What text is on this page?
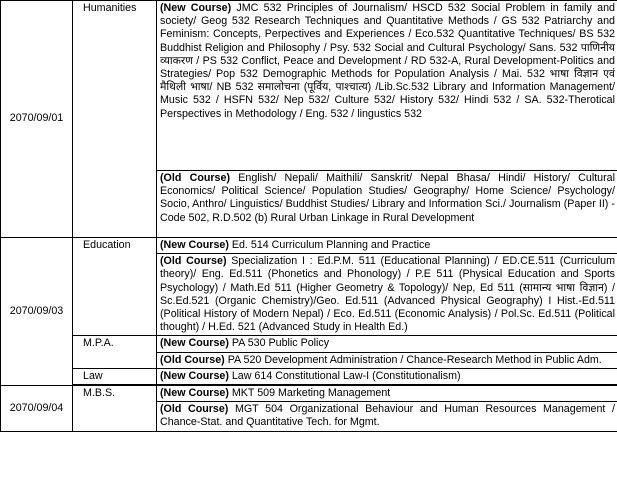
2070/09/01	Humanities	(New Course) JMC 532 Principles of Journalism/ HSCD 532 Social Problem in family and society/ Geog 532 Research Techniques and Quantitative Methods / GS 532 Patriarchy and Feminism: Concepts, Perpectives and Experiences / Eco.532 Quantitative Techniques/ BS 532 Buddhist Religion and Philosophy / Psy. 532 Social and Cultural Psychology/ Sans. 532 पाणिनीय व्याकरण / PS 532 Conflict, Peace and Development / RD 532-A, Rural Development-Politics and Strategies/ Pop 532 Demographic Methods for Population Analysis / Mai. 532 भाषा विज्ञान एवं मैथिली भाषा/ NB 532 समालोचना (पूर्विय, पाश्चात्य) /Lib.Sc.532 Library and Information Management/ Music 532 / HSFN 532/ Nep 532/ Culture 532/ History 532/ Hindi 532 / SA. 532-Therotical Perspectives in Methodology / Eng. 532 / lingustics 532
		(Old Course) English/ Nepali/ Maithili/ Sanskrit/ Nepal Bhasa/ Hindi/ History/ Cultural Economics/ Political Science/ Population Studies/ Geography/ Home Science/ Psychology/ Socio, Anthro/ Linguistics/ Buddhist Studies/ Library and Information Sci./ Journalism (Paper II) - Code 502, R.D.502 (b) Rural Urban Linkage in Rural Development
2070/09/03	Education	(New Course) Ed. 514 Curriculum Planning and Practice
		(Old Course) Specialization I : Ed.P.M. 511 (Educational Planning) / ED.CE.511 (Curriculum theory)/ Eng. Ed.511 (Phonetics and Phonology) / P.E 511 (Physical Education and Sports Psychology) / Math.Ed 511 (Higher Geometry & Topology)/ Nep, Ed 511 (सामान्य भाषा विज्ञान) / Sc.Ed.521 (Organic Chemistry)/Geo. Ed.511 (Advanced Physical Geography) I Hist.-Ed.511 (Political History of Modern Nepal) / Eco. Ed.511 (Economic Analysis) / Pol.Sc. Ed.511 (Political thought) / H.Ed. 521 (Advanced Study in Health Ed.)
	M.P.A.	(New Course) PA 530 Public Policy
		(Old Course) PA 520 Development Administration / Chance-Research Method in Public Adm.
	Law	(New Course) Law 614 Constitutional Law-I (Constitutionalism)

2070/09/04	M.B.S.	(New Course) MKT 509 Marketing Management
		(Old Course) MGT 504 Organizational Behaviour and Human Resources Management / Chance-Stat. and Quantitative Tech. for Mgmt.
